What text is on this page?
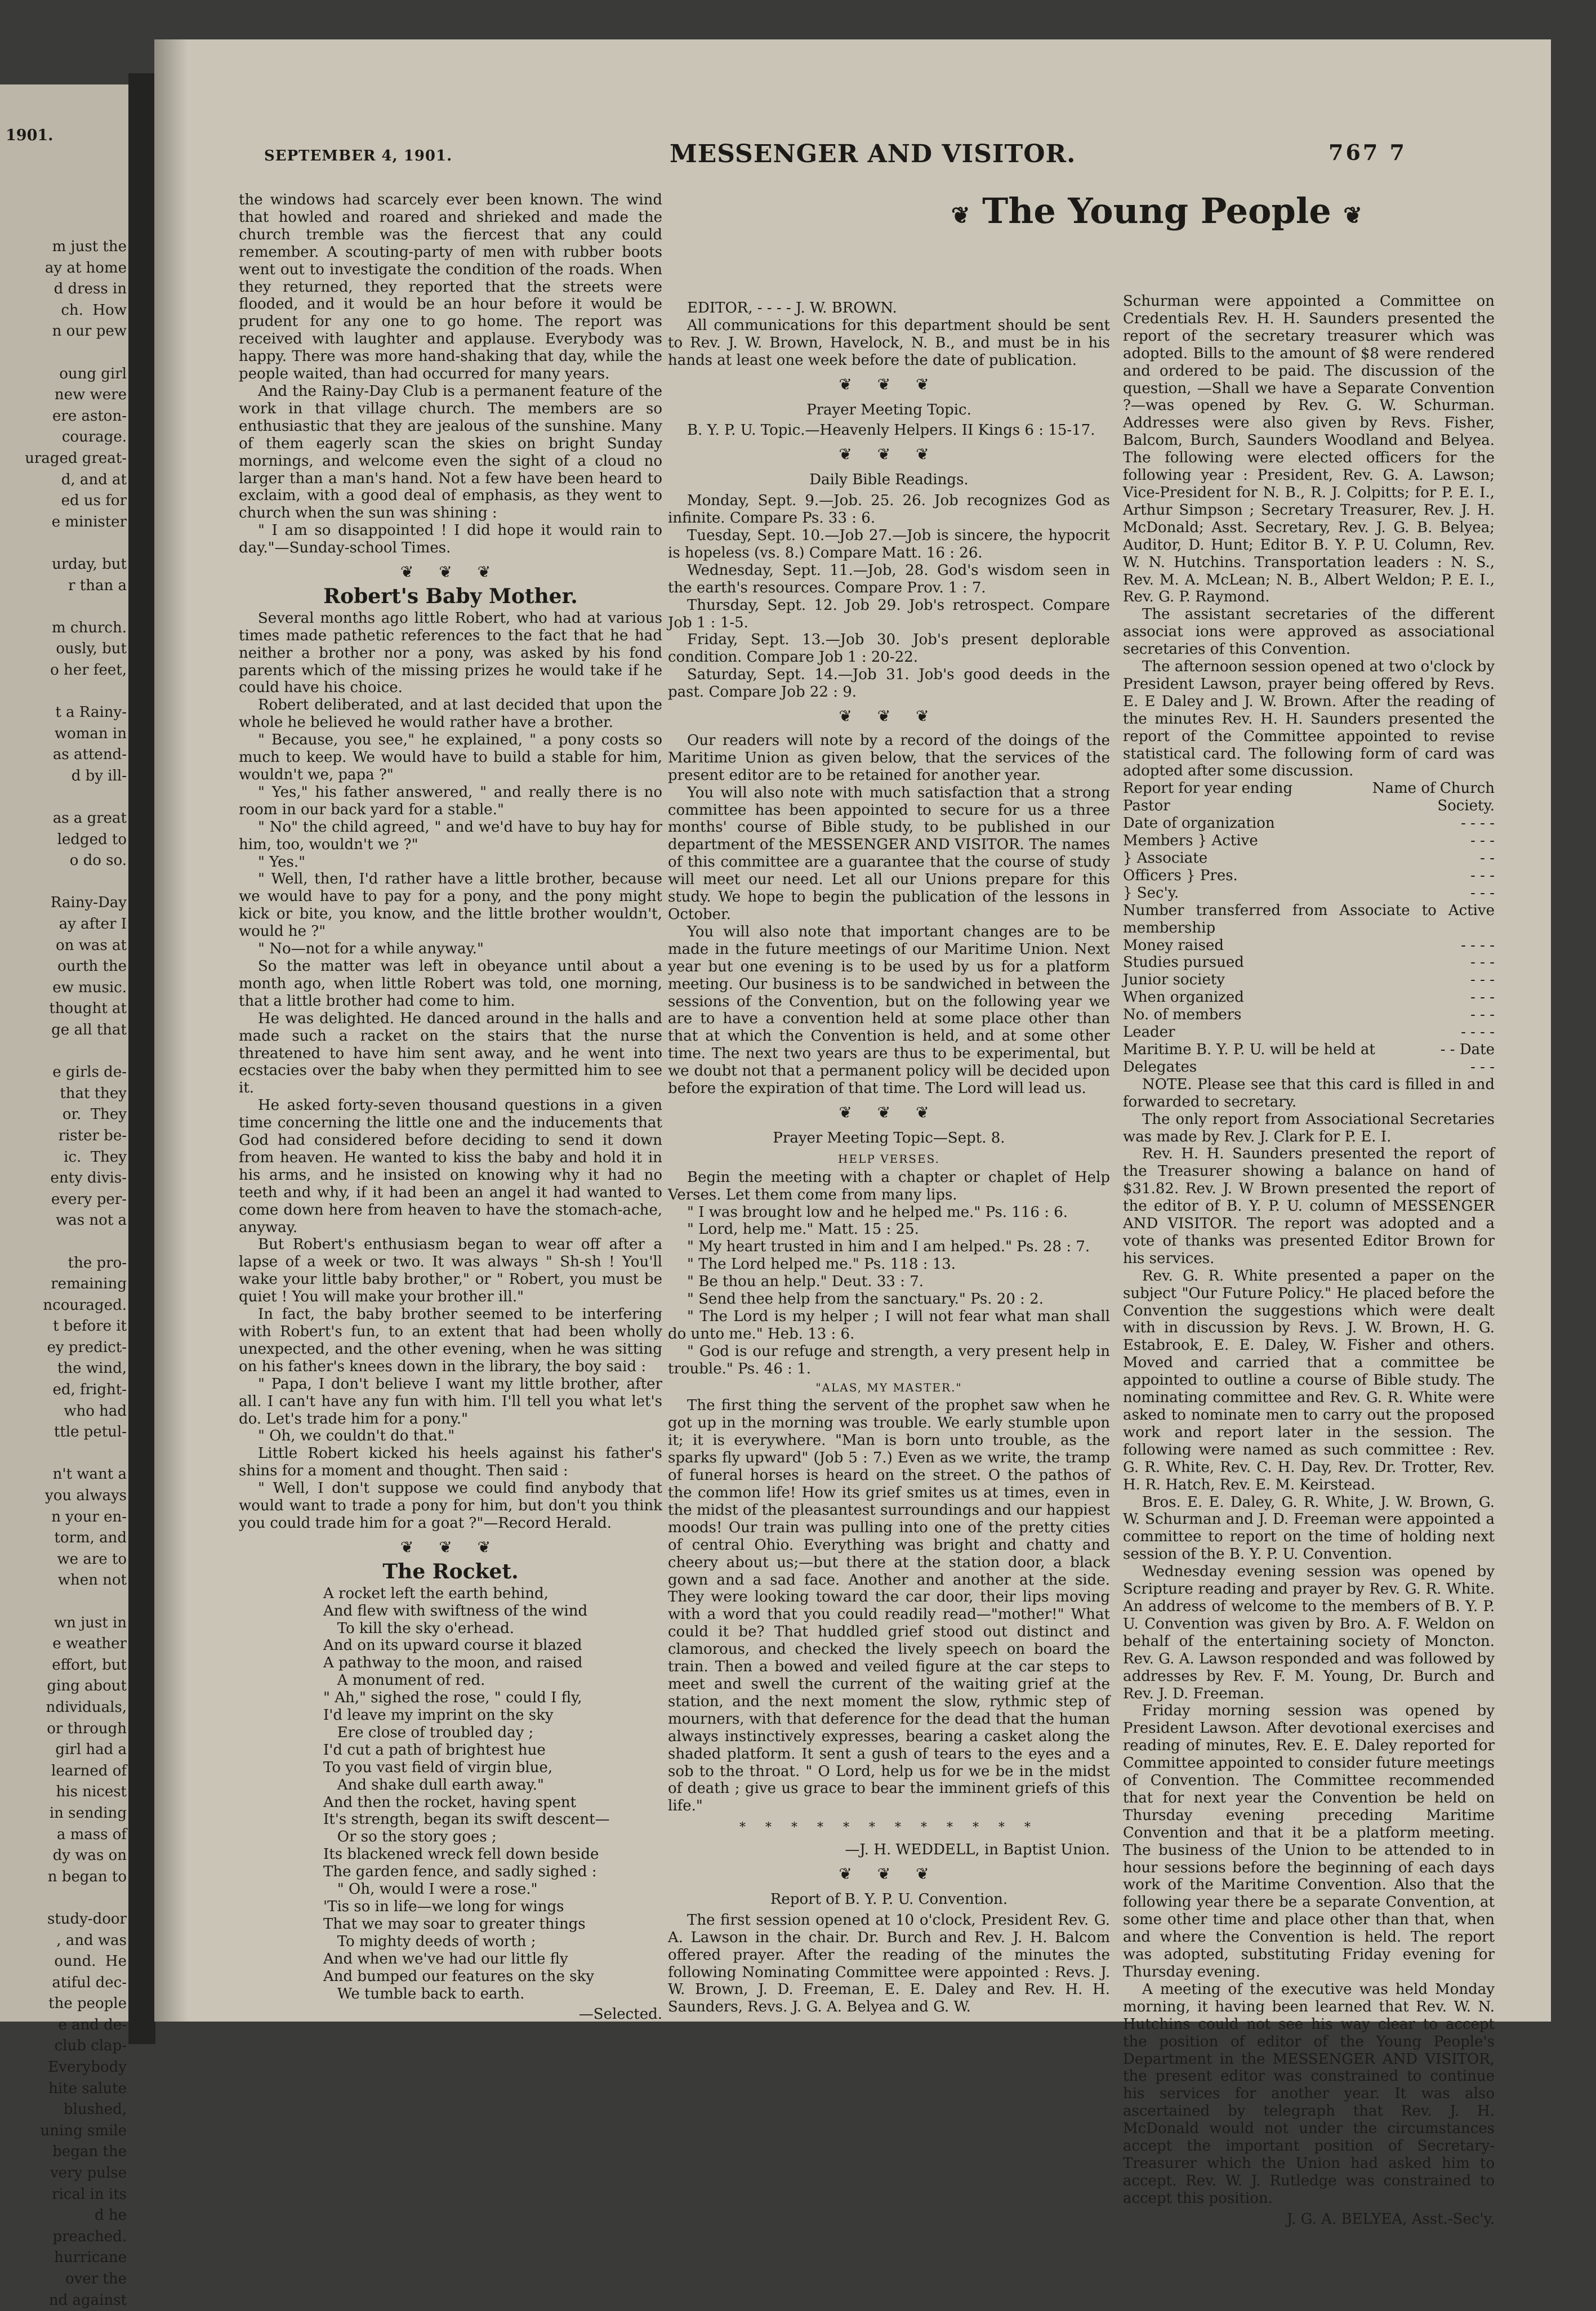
1901.
m just the
ay at home
d dress in
ch.  How
n our pew

oung girl
new were
ere aston-
courage.
uraged great-
d, and at
ed us for
e minister

urday, but
r than a

m church.
ously, but
o her feet,

t a Rainy-
woman in
as attend-
d by ill-

as a great
ledged to
o do so.

Rainy-Day
ay after I
on was at
ourth the
ew music.
thought at
ge all that

e girls de-
that they
or.  They
rister be-
ic.  They
enty divis-
every per-
was not a

the pro-
remaining
ncouraged.
t before it
ey predict-
the wind,
ed, fright-
who had
ttle petul-

n't want a
you always
n your en-
torm, and
we are to
when not

wn just in
e weather
effort, but
ging about
ndividuals,
or through
girl had a
learned of
his nicest
in sending
a mass of
dy was on
n began to

study-door
, and was
ound.  He
atiful dec-
the people
e and de-
club clap-
Everybody
hite salute
blushed,
uning smile
began the
very pulse
rical in its
d he
preached.
hurricane
over the
nd against
SEPTEMBER 4, 1901.	MESSENGER AND VISITOR.	767 7

the windows had scarcely ever been known. The wind that howled and roared and shrieked and made the church tremble was the fiercest that any could remember. A scouting-party of men with rubber boots went out to investigate the condition of the roads. When they returned, they reported that the streets were flooded, and it would be an hour before it would be prudent for any one to go home. The report was received with laughter and applause. Everybody was happy. There was more hand-shaking that day, while the people waited, than had occurred for many years.

And the Rainy-Day Club is a permanent feature of the work in that village church. The members are so enthusiastic that they are jealous of the sunshine. Many of them eagerly scan the skies on bright Sunday mornings, and welcome even the sight of a cloud no larger than a man's hand. Not a few have been heard to exclaim, with a good deal of emphasis, as they went to church when the sun was shining :

" I am so disappointed ! I did hope it would rain to day."—Sunday-school Times.

❦ ❦ ❦
Robert's Baby Mother.

Several months ago little Robert, who had at various times made pathetic references to the fact that he had neither a brother nor a pony, was asked by his fond parents which of the missing prizes he would take if he could have his choice.

Robert deliberated, and at last decided that upon the whole he believed he would rather have a brother.

" Because, you see," he explained, " a pony costs so much to keep. We would have to build a stable for him, wouldn't we, papa ?"

" Yes," his father answered, " and really there is no room in our back yard for a stable."

" No" the child agreed, " and we'd have to buy hay for him, too, wouldn't we ?"

" Yes."

" Well, then, I'd rather have a little brother, because we would have to pay for a pony, and the pony might kick or bite, you know, and the little brother wouldn't, would he ?"

" No—not for a while anyway."

So the matter was left in obeyance until about a month ago, when little Robert was told, one morning, that a little brother had come to him.

He was delighted. He danced around in the halls and made such a racket on the stairs that the nurse threatened to have him sent away, and he went into ecstacies over the baby when they permitted him to see it.

He asked forty-seven thousand questions in a given time concerning the little one and the inducements that God had considered before deciding to send it down from heaven. He wanted to kiss the baby and hold it in his arms, and he insisted on knowing why it had no teeth and why, if it had been an angel it had wanted to come down here from heaven to have the stomach-ache, anyway.

But Robert's enthusiasm began to wear off after a lapse of a week or two. It was always " Sh-sh ! You'll wake your little baby brother," or " Robert, you must be quiet ! You will make your brother ill."

In fact, the baby brother seemed to be interfering with Robert's fun, to an extent that had been wholly unexpected, and the other evening, when he was sitting on his father's knees down in the library, the boy said :

" Papa, I don't believe I want my little brother, after all. I can't have any fun with him. I'll tell you what let's do. Let's trade him for a pony."

" Oh, we couldn't do that."

Little Robert kicked his heels against his father's shins for a moment and thought. Then said :

" Well, I don't suppose we could find anybody that would want to trade a pony for him, but don't you think you could trade him for a goat ?"—Record Herald.

❦ ❦ ❦
The Rocket.
A rocket left the earth behind,
And flew with swiftness of the wind
To kill the sky o'erhead.
And on its upward course it blazed
A pathway to the moon, and raised
A monument of red.
" Ah," sighed the rose, " could I fly,
I'd leave my imprint on the sky
Ere close of troubled day ;
I'd cut a path of brightest hue
To you vast field of virgin blue,
And shake dull earth away."
And then the rocket, having spent
It's strength, began its swift descent—
Or so the story goes ;
Its blackened wreck fell down beside
The garden fence, and sadly sighed :
" Oh, would I were a rose."
'Tis so in life—we long for wings
That we may soar to greater things
To mighty deeds of worth ;
And when we've had our little fly
And bumped our features on the sky
We tumble back to earth.
—Selected.
❦ The Young People ❦

EDITOR, - - - - J. W. BROWN.

All communications for this department should be sent to Rev. J. W. Brown, Havelock, N. B., and must be in his hands at least one week before the date of publication.

❦ ❦ ❦
Prayer Meeting Topic.

B. Y. P. U. Topic.—Heavenly Helpers. II Kings 6 : 15-17.

❦ ❦ ❦
Daily Bible Readings.

Monday, Sept. 9.—Job. 25. 26. Job recognizes God as infinite. Compare Ps. 33 : 6.

Tuesday, Sept. 10.—Job 27.—Job is sincere, the hypocrit is hopeless (vs. 8.) Compare Matt. 16 : 26.

Wednesday, Sept. 11.—Job, 28. God's wisdom seen in the earth's resources. Compare Prov. 1 : 7.

Thursday, Sept. 12. Job 29. Job's retrospect. Compare Job 1 : 1-5.

Friday, Sept. 13.—Job 30. Job's present deplorable condition. Compare Job 1 : 20-22.

Saturday, Sept. 14.—Job 31. Job's good deeds in the past. Compare Job 22 : 9.

❦ ❦ ❦

Our readers will note by a record of the doings of the Maritime Union as given below, that the services of the present editor are to be retained for another year.

You will also note with much satisfaction that a strong committee has been appointed to secure for us a three months' course of Bible study, to be published in our department of the MESSENGER AND VISITOR. The names of this committee are a guarantee that the course of study will meet our need. Let all our Unions prepare for this study. We hope to begin the publication of the lessons in October.

You will also note that important changes are to be made in the future meetings of our Maritime Union. Next year but one evening is to be used by us for a platform meeting. Our business is to be sandwiched in between the sessions of the Convention, but on the following year we are to have a convention held at some place other than that at which the Convention is held, and at some other time. The next two years are thus to be experimental, but we doubt not that a permanent policy will be decided upon before the expiration of that time. The Lord will lead us.

❦ ❦ ❦
Prayer Meeting Topic—Sept. 8.
HELP VERSES.

Begin the meeting with a chapter or chaplet of Help Verses. Let them come from many lips.

" I was brought low and he helped me." Ps. 116 : 6.

" Lord, help me." Matt. 15 : 25.

" My heart trusted in him and I am helped." Ps. 28 : 7.

" The Lord helped me." Ps. 118 : 13.

" Be thou an help." Deut. 33 : 7.

" Send thee help from the sanctuary." Ps. 20 : 2.

" The Lord is my helper ; I will not fear what man shall do unto me." Heb. 13 : 6.

" God is our refuge and strength, a very present help in trouble." Ps. 46 : 1.

"ALAS, MY MASTER."

The first thing the servent of the prophet saw when he got up in the morning was trouble. We early stumble upon it; it is everywhere. "Man is born unto trouble, as the sparks fly upward" (Job 5 : 7.) Even as we write, the tramp of funeral horses is heard on the street. O the pathos of the common life! How its grief smites us at times, even in the midst of the pleasantest surroundings and our happiest moods! Our train was pulling into one of the pretty cities of central Ohio. Everything was bright and chatty and cheery about us;—but there at the station door, a black gown and a sad face. Another and another at the side. They were looking toward the car door, their lips moving with a word that you could readily read—"mother!" What could it be? That huddled grief stood out distinct and clamorous, and checked the lively speech on board the train. Then a bowed and veiled figure at the car steps to meet and swell the current of the waiting grief at the station, and the next moment the slow, rythmic step of mourners, with that deference for the dead that the human always instinctively expresses, bearing a casket along the shaded platform. It sent a gush of tears to the eyes and a sob to the throat. " O Lord, help us for we be in the midst of death ; give us grace to bear the imminent griefs of this life."

* * * * * * * * * * * *
—J. H. WEDDELL, in Baptist Union.
❦ ❦ ❦
Report of B. Y. P. U. Convention.

The first session opened at 10 o'clock, President Rev. G. A. Lawson in the chair. Dr. Burch and Rev. J. H. Balcom offered prayer. After the reading of the minutes the following Nominating Committee were appointed : Revs. J. W. Brown, J. D. Freeman, E. E. Daley and Rev. H. H. Saunders, Revs. J. G. A. Belyea and G. W.

Schurman were appointed a Committee on Credentials Rev. H. H. Saunders presented the report of the secretary treasurer which was adopted. Bills to the amount of $8 were rendered and ordered to be paid. The discussion of the question, —Shall we have a Separate Convention ?—was opened by Rev. G. W. Schurman. Addresses were also given by Revs. Fisher, Balcom, Burch, Saunders Woodland and Belyea. The following were elected officers for the following year : President, Rev. G. A. Lawson; Vice-President for N. B., R. J. Colpitts; for P. E. I., Arthur Simpson ; Secretary Treasurer, Rev. J. H. McDonald; Asst. Secretary, Rev. J. G. B. Belyea; Auditor, D. Hunt; Editor B. Y. P. U. Column, Rev. W. N. Hutchins. Transportation leaders : N. S., Rev. M. A. McLean; N. B., Albert Weldon; P. E. I., Rev. G. P. Raymond.

The assistant secretaries of the different associat ions were approved as associational secretaries of this Convention.

The afternoon session opened at two o'clock by President Lawson, prayer being offered by Revs. E. E Daley and J. W. Brown. After the reading of the minutes Rev. H. H. Saunders presented the report of the Committee appointed to revise statistical card. The following form of card was adopted after some discussion.

Report for year ending	Name of Church
Pastor	Society.
Date of organization	- - - -
Members } Active	- - -
} Associate	- -
Officers } Pres.	- - -
} Sec'y.	- - -
Number transferred from Associate to Active membership
Money raised	- - - -
Studies pursued	- - -
Junior society	- - -
When organized	- - -
No. of members	- - -
Leader	- - - -
Maritime B. Y. P. U. will be held at	- - Date
Delegates	- - -

NOTE. Please see that this card is filled in and forwarded to secretary.

The only report from Associational Secretaries was made by Rev. J. Clark for P. E. I.

Rev. H. H. Saunders presented the report of the Treasurer showing a balance on hand of $31.82. Rev. J. W Brown presented the report of the editor of B. Y. P. U. column of MESSENGER AND VISITOR. The report was adopted and a vote of thanks was presented Editor Brown for his services.

Rev. G. R. White presented a paper on the subject "Our Future Policy." He placed before the Convention the suggestions which were dealt with in discussion by Revs. J. W. Brown, H. G. Estabrook, E. E. Daley, W. Fisher and others. Moved and carried that a committee be appointed to outline a course of Bible study. The nominating committee and Rev. G. R. White were asked to nominate men to carry out the proposed work and report later in the session. The following were named as such committee : Rev. G. R. White, Rev. C. H. Day, Rev. Dr. Trotter, Rev. H. R. Hatch, Rev. E. M. Keirstead.

Bros. E. E. Daley, G. R. White, J. W. Brown, G. W. Schurman and J. D. Freeman were appointed a committee to report on the time of holding next session of the B. Y. P. U. Convention.

Wednesday evening session was opened by Scripture reading and prayer by Rev. G. R. White. An address of welcome to the members of B. Y. P. U. Convention was given by Bro. A. F. Weldon on behalf of the entertaining society of Moncton. Rev. G. A. Lawson responded and was followed by addresses by Rev. F. M. Young, Dr. Burch and Rev. J. D. Freeman.

Friday morning session was opened by President Lawson. After devotional exercises and reading of minutes, Rev. E. E. Daley reported for Committee appointed to consider future meetings of Convention. The Committee recommended that for next year the Convention be held on Thursday evening preceding Maritime Convention and that it be a platform meeting. The business of the Union to be attended to in hour sessions before the beginning of each days work of the Maritime Convention. Also that the following year there be a separate Convention, at some other time and place other than that, when and where the Convention is held. The report was adopted, substituting Friday evening for Thursday evening.

A meeting of the executive was held Monday morning, it having been learned that Rev. W. N. Hutchins could not see his way clear to accept the position of editor of the Young People's Department in the MESSENGER AND VISITOR, the present editor was constrained to continue his services for another year. It was also ascertained by telegraph that Rev. J. H. McDonald would not under the circumstances accept the important position of Secretary-Treasurer which the Union had asked him to accept. Rev. W. J. Rutledge was constrained to accept this position.

J. G. A. BELYEA, Asst.-Sec'y.
